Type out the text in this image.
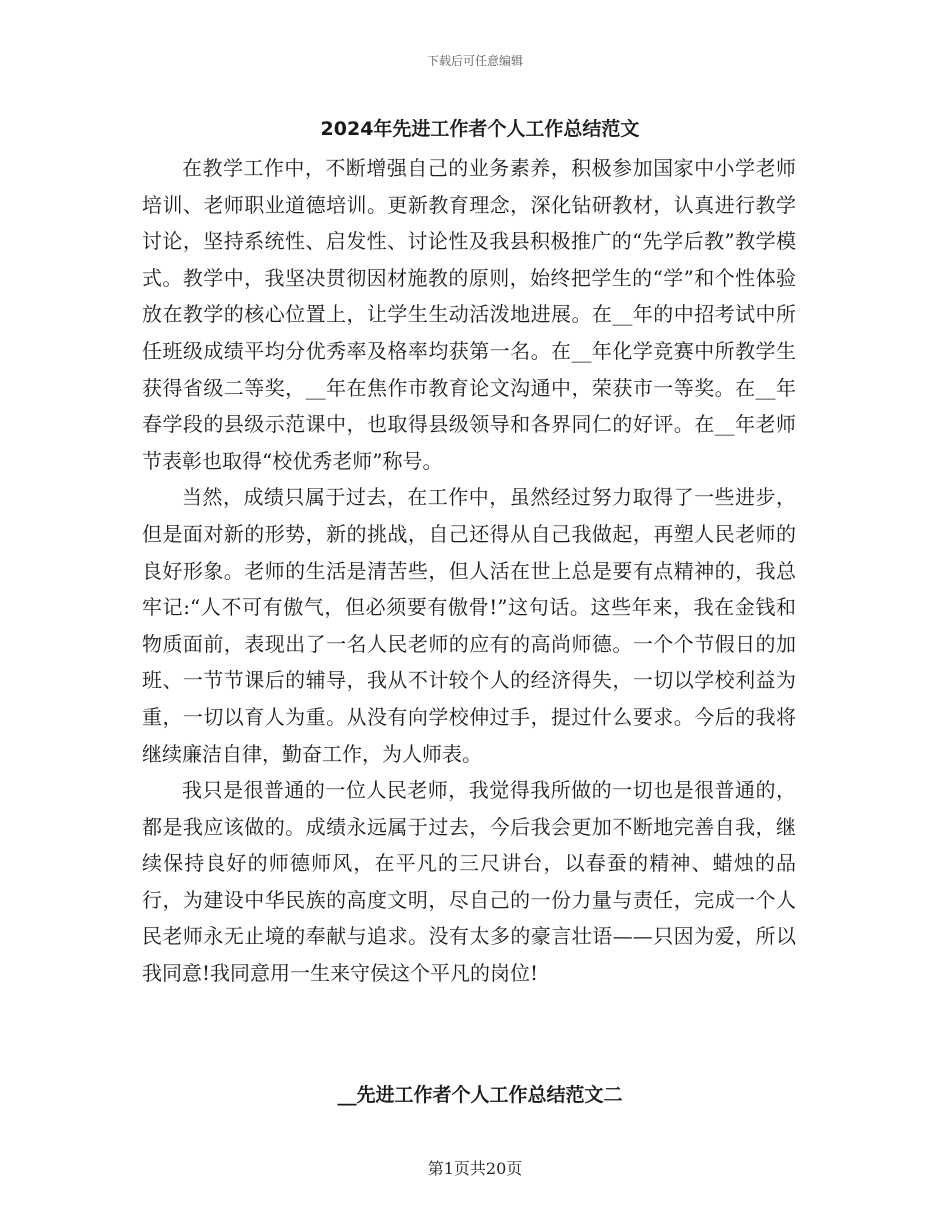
下载后可任意编辑
2024年先进工作者个人工作总结范文

在教学工作中，不断增强自己的业务素养，积极参加国家中小学老师培训、老师职业道德培训。更新教育理念，深化钻研教材，认真进行教学讨论，坚持系统性、启发性、讨论性及我县积极推广的“先学后教”教学模式。教学中，我坚决贯彻因材施教的原则，始终把学生的“学”和个性体验放在教学的核心位置上，让学生生动活泼地进展。在__年的中招考试中所任班级成绩平均分优秀率及格率均获第一名。在__年化学竞赛中所教学生获得省级二等奖，__年在焦作市教育论文沟通中，荣获市一等奖。在__年春学段的县级示范课中，也取得县级领导和各界同仁的好评。在__年老师节表彰也取得“校优秀老师”称号。

当然，成绩只属于过去，在工作中，虽然经过努力取得了一些进步，但是面对新的形势，新的挑战，自己还得从自己我做起，再塑人民老师的良好形象。老师的生活是清苦些，但人活在世上总是要有点精神的，我总牢记:“人不可有傲气，但必须要有傲骨!”这句话。这些年来，我在金钱和物质面前，表现出了一名人民老师的应有的高尚师德。一个个节假日的加班、一节节课后的辅导，我从不计较个人的经济得失，一切以学校利益为重，一切以育人为重。从没有向学校伸过手，提过什么要求。今后的我将继续廉洁自律，勤奋工作，为人师表。

我只是很普通的一位人民老师，我觉得我所做的一切也是很普通的，都是我应该做的。成绩永远属于过去，今后我会更加不断地完善自我，继续保持良好的师德师风，在平凡的三尺讲台，以春蚕的精神、蜡烛的品行，为建设中华民族的高度文明，尽自己的一份力量与责任，完成一个人民老师永无止境的奉献与追求。没有太多的豪言壮语——只因为爱，所以我同意!我同意用一生来守侯这个平凡的岗位!

__先进工作者个人工作总结范文二
第1页共20页
